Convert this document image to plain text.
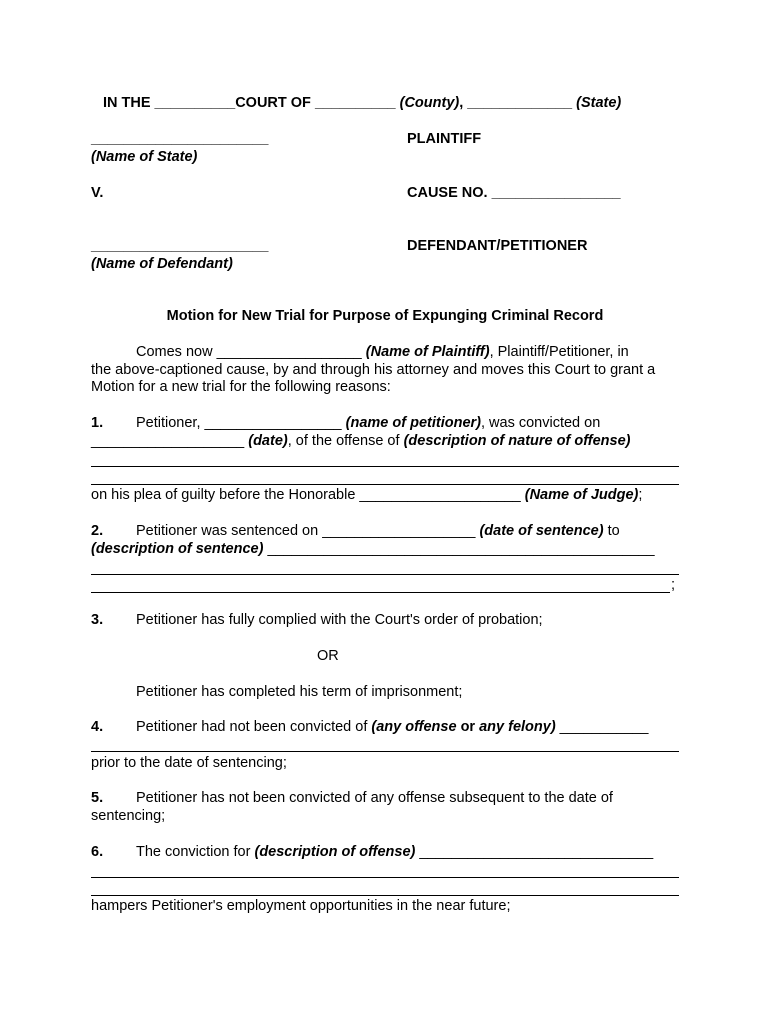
IN THE __________COURT OF __________ (County), _____________ (State)
______________________	PLAINTIFF
(Name of State)
V.	CAUSE NO. ________________
______________________	DEFENDANT/PETITIONER
(Name of Defendant)
Motion for New Trial for Purpose of Expunging Criminal Record
Comes now __________________ (Name of Plaintiff), Plaintiff/Petitioner, in
the above-captioned cause, by and through his attorney and moves this Court to grant a
Motion for a new trial for the following reasons:
1. Petitioner, _________________ (name of petitioner), was convicted on
___________________ (date), of the offense of (description of nature of offense)
on his plea of guilty before the Honorable ____________________ (Name of Judge);
2. Petitioner was sentenced on ___________________ (date of sentence) to
(description of sentence) ________________________________________________
;
3. Petitioner has fully complied with the Court's order of probation;
OR
Petitioner has completed his term of imprisonment;
4. Petitioner had not been convicted of (any offense or any felony) ___________
prior to the date of sentencing;
5. Petitioner has not been convicted of any offense subsequent to the date of
sentencing;
6. The conviction for (description of offense) _____________________________
hampers Petitioner's employment opportunities in the near future;
